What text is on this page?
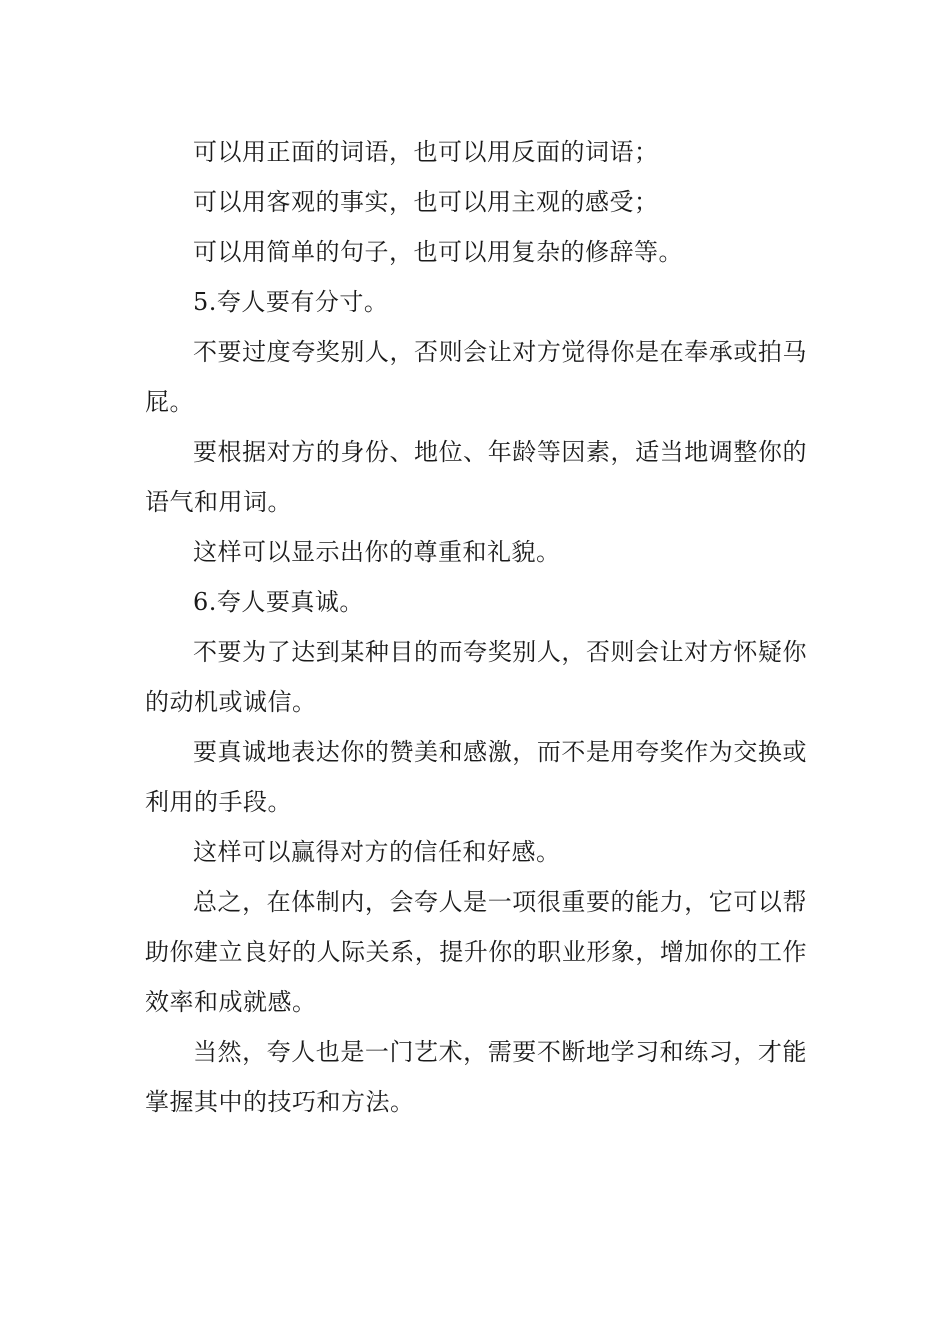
可以用正面的词语，也可以用反面的词语；

可以用客观的事实，也可以用主观的感受；

可以用简单的句子，也可以用复杂的修辞等。

5.夸人要有分寸。

不要过度夸奖别人，否则会让对方觉得你是在奉承或拍马屁。

要根据对方的身份、地位、年龄等因素，适当地调整你的语气和用词。

这样可以显示出你的尊重和礼貌。

6.夸人要真诚。

不要为了达到某种目的而夸奖别人，否则会让对方怀疑你的动机或诚信。

要真诚地表达你的赞美和感激，而不是用夸奖作为交换或利用的手段。

这样可以赢得对方的信任和好感。

总之，在体制内，会夸人是一项很重要的能力，它可以帮助你建立良好的人际关系，提升你的职业形象，增加你的工作效率和成就感。

当然，夸人也是一门艺术，需要不断地学习和练习，才能掌握其中的技巧和方法。
